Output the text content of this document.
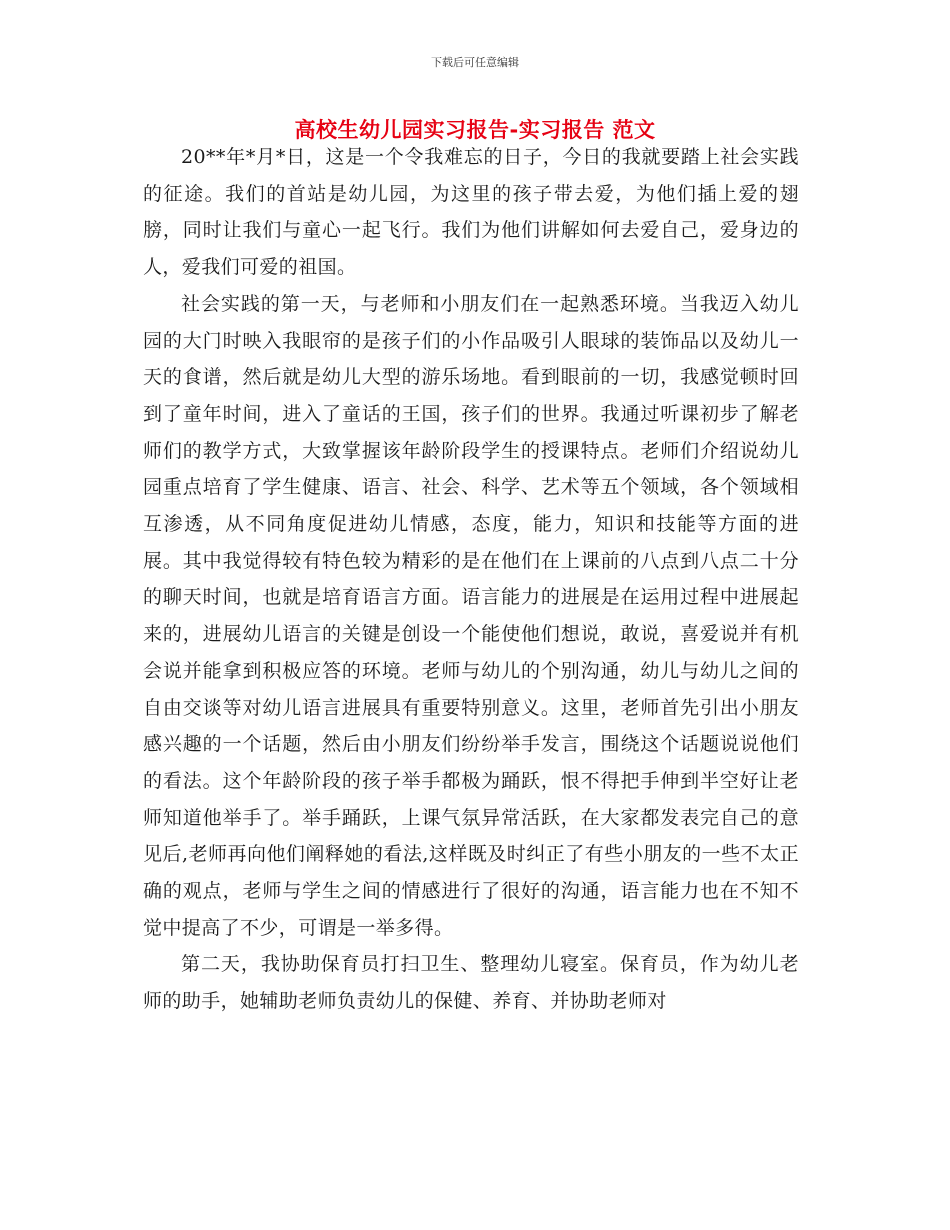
下载后可任意编辑
高校生幼儿园实习报告-实习报告 范文

20**年*月*日，这是一个令我难忘的日子，今日的我就要踏上社会实践的征途。我们的首站是幼儿园，为这里的孩子带去爱，为他们插上爱的翅膀，同时让我们与童心一起飞行。我们为他们讲解如何去爱自己，爱身边的人，爱我们可爱的祖国。

社会实践的第一天，与老师和小朋友们在一起熟悉环境。当我迈入幼儿园的大门时映入我眼帘的是孩子们的小作品吸引人眼球的装饰品以及幼儿一天的食谱，然后就是幼儿大型的游乐场地。看到眼前的一切，我感觉顿时回到了童年时间，进入了童话的王国，孩子们的世界。我通过听课初步了解老师们的教学方式，大致掌握该年龄阶段学生的授课特点。老师们介绍说幼儿园重点培育了学生健康、语言、社会、科学、艺术等五个领域，各个领域相互渗透，从不同角度促进幼儿情感，态度，能力，知识和技能等方面的进展。其中我觉得较有特色较为精彩的是在他们在上课前的八点到八点二十分的聊天时间，也就是培育语言方面。语言能力的进展是在运用过程中进展起来的，进展幼儿语言的关键是创设一个能使他们想说，敢说，喜爱说并有机会说并能拿到积极应答的环境。老师与幼儿的个别沟通，幼儿与幼儿之间的自由交谈等对幼儿语言进展具有重要特别意义。这里，老师首先引出小朋友感兴趣的一个话题，然后由小朋友们纷纷举手发言，围绕这个话题说说他们的看法。这个年龄阶段的孩子举手都极为踊跃，恨不得把手伸到半空好让老师知道他举手了。举手踊跃，上课气氛异常活跃，在大家都发表完自己的意见后,老师再向他们阐释她的看法,这样既及时纠正了有些小朋友的一些不太正确的观点，老师与学生之间的情感进行了很好的沟通，语言能力也在不知不觉中提高了不少，可谓是一举多得。

第二天，我协助保育员打扫卫生、整理幼儿寝室。保育员，作为幼儿老师的助手，她辅助老师负责幼儿的保健、养育、并协助老师对
